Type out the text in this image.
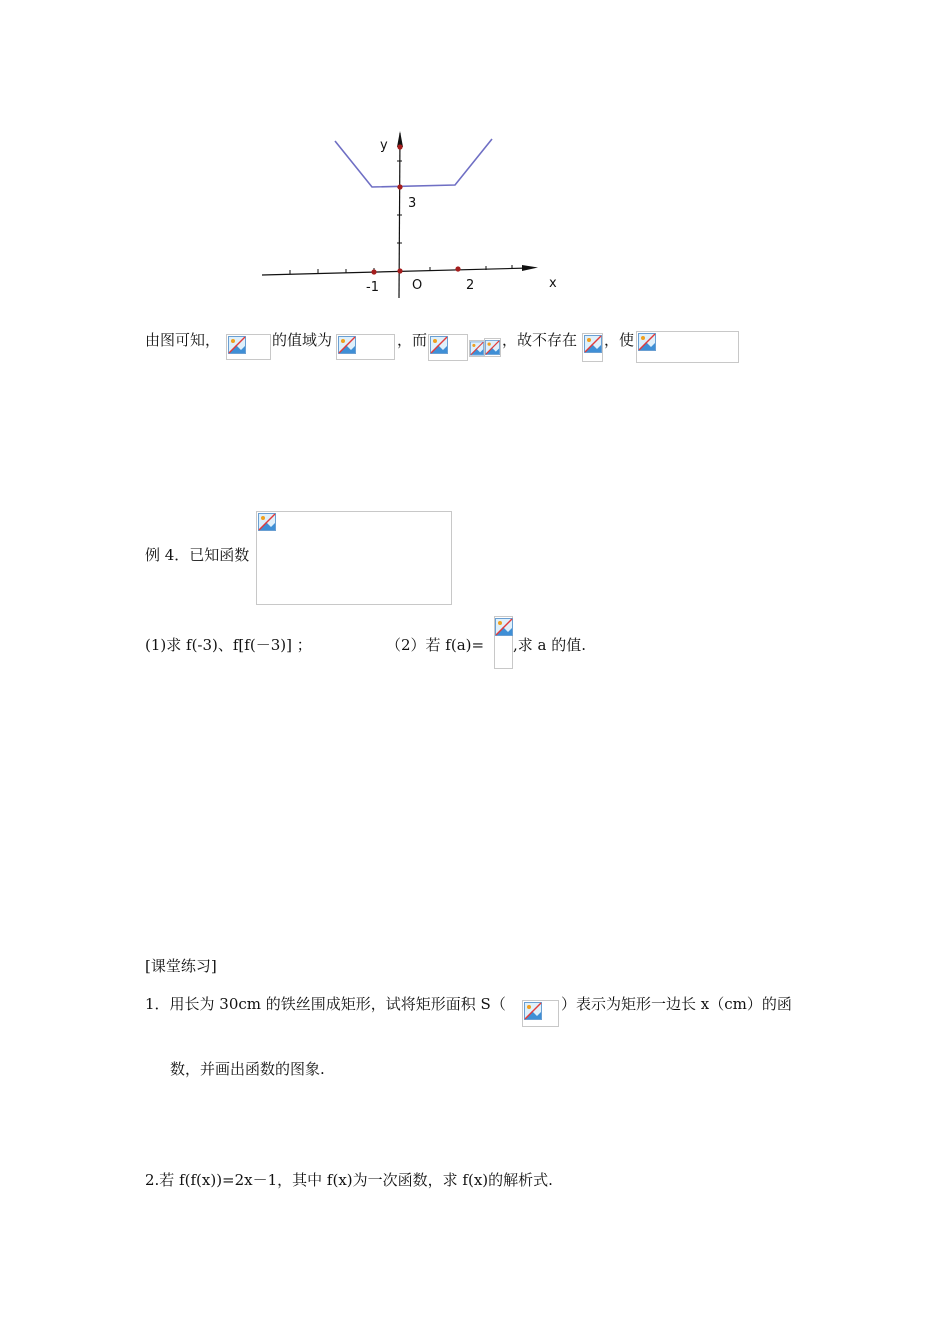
y
3
-1	O	2	x
由图可知，	的值域为	，而	，故不存在 ，使
例 4．已知函数
(1)求 f(-3)、f[f(－3)] ；	（2）若 f(a)= ,求 a 的值.
[课堂练习]
1．用长为 30cm 的铁丝围成矩形，试将矩形面积 S（	）表示为矩形一边长 x（cm）的函
数，并画出函数的图象.
2.若 f(f(x))=2x－1，其中 f(x)为一次函数，求 f(x)的解析式.
